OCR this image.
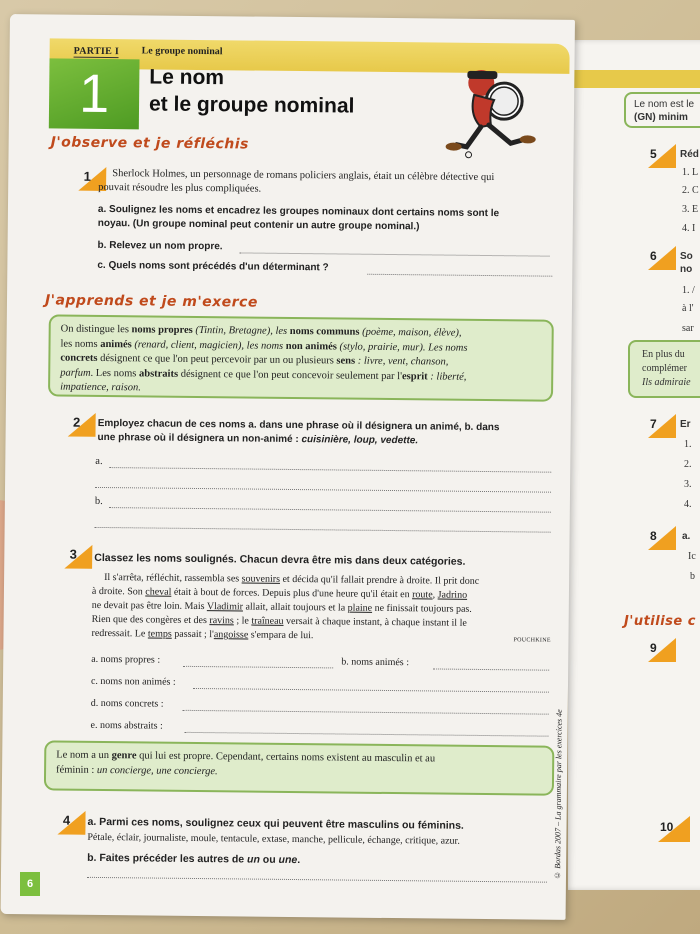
Le nom est le
(GN) minim
5 Réd
1. L
2. C
3. E
4. I
6 So
no
1. /
à l'
sar
En plus du
complémer
Ils admiraie
7 Er
1.
2.
3.
4.
8	a.
Ic
b
J'utilise c
9
10
PARTIE I Le groupe nominal
1	Le nom
et le groupe nominal
J'observe et je réfléchis
1	Sherlock Holmes, un personnage de romans policiers anglais, était un célèbre détective qui
pouvait résoudre les plus compliquées.
a. Soulignez les noms et encadrez les groupes nominaux dont certains noms sont le
noyau. (Un groupe nominal peut contenir un autre groupe nominal.)
b. Relevez un nom propre.
c. Quels noms sont précédés d'un déterminant ?
J'apprends et je m'exerce
On distingue les noms propres (Tintin, Bretagne), les noms communs (poème, maison, élève),
les noms animés (renard, client, magicien), les noms non animés (stylo, prairie, mur). Les noms
concrets désignent ce que l'on peut percevoir par un ou plusieurs sens : livre, vent, chanson,
parfum. Les noms abstraits désignent ce que l'on peut concevoir seulement par l'esprit : liberté,
impatience, raison.
2	Employez chacun de ces noms a. dans une phrase où il désignera un animé, b. dans
une phrase où il désignera un non-animé : cuisinière, loup, vedette.
a.
b.
3	Classez les noms soulignés. Chacun devra être mis dans deux catégories.
Il s'arrêta, réfléchit, rassembla ses souvenirs et décida qu'il fallait prendre à droite. Il prit donc
à droite. Son cheval était à bout de forces. Depuis plus d'une heure qu'il était en route, Jadrino
ne devait pas être loin. Mais Vladimir allait, allait toujours et la plaine ne finissait toujours pas.
Rien que des congères et des ravins ; le traîneau versait à chaque instant, à chaque instant il le
redressait. Le temps passait ; l'angoisse s'empara de lui.	POUCHKINE
a. noms propres :	b. noms animés :
c. noms non animés :
d. noms concrets :
e. noms abstraits :
Le nom a un genre qui lui est propre. Cependant, certains noms existent au masculin et au
féminin : un concierge, une concierge.
4	a. Parmi ces noms, soulignez ceux qui peuvent être masculins ou féminins.
Pétale, éclair, journaliste, moule, tentacule, extase, manche, pellicule, échange, critique, azur.
b. Faites précéder les autres de un ou une.	© Bordas 2007 – La grammaire par les exercices 4e
6
